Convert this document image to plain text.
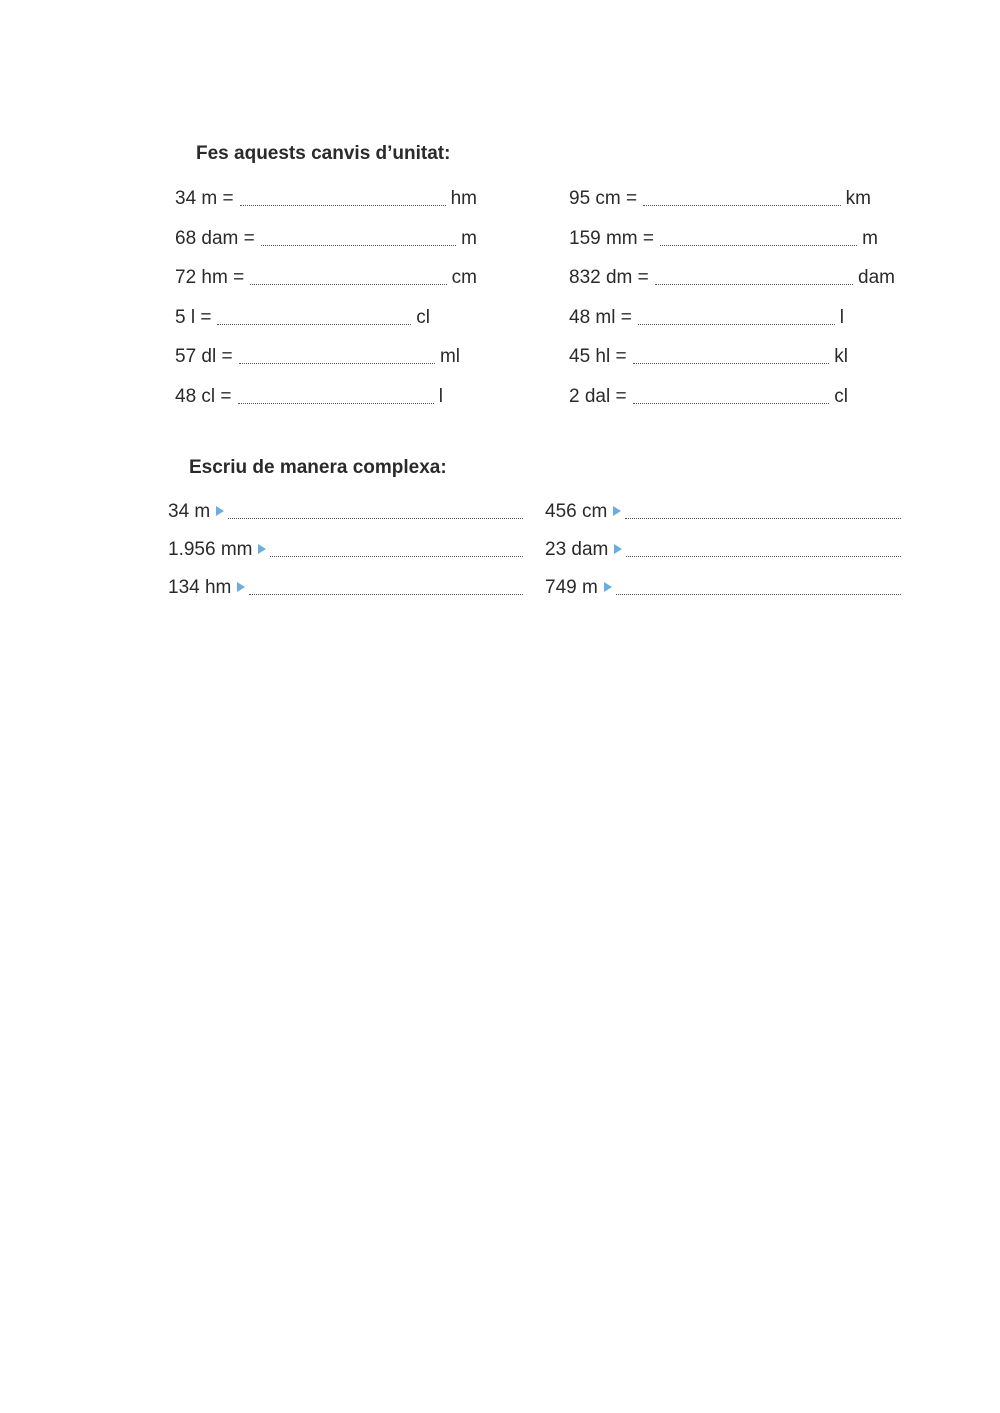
Fes aquests canvis d’unitat:
34 m =	hm
68 dam =	m
72 hm =	cm
5 l =	cl
57 dl =	ml
48 cl =	l
95 cm =	km
159 mm =	m
832 dm =	dam
48 ml =	l
45 hl =	kl
2 dal =	cl
Escriu de manera complexa:
34 m
1.956 mm
134 hm
456 cm
23 dam
749 m
